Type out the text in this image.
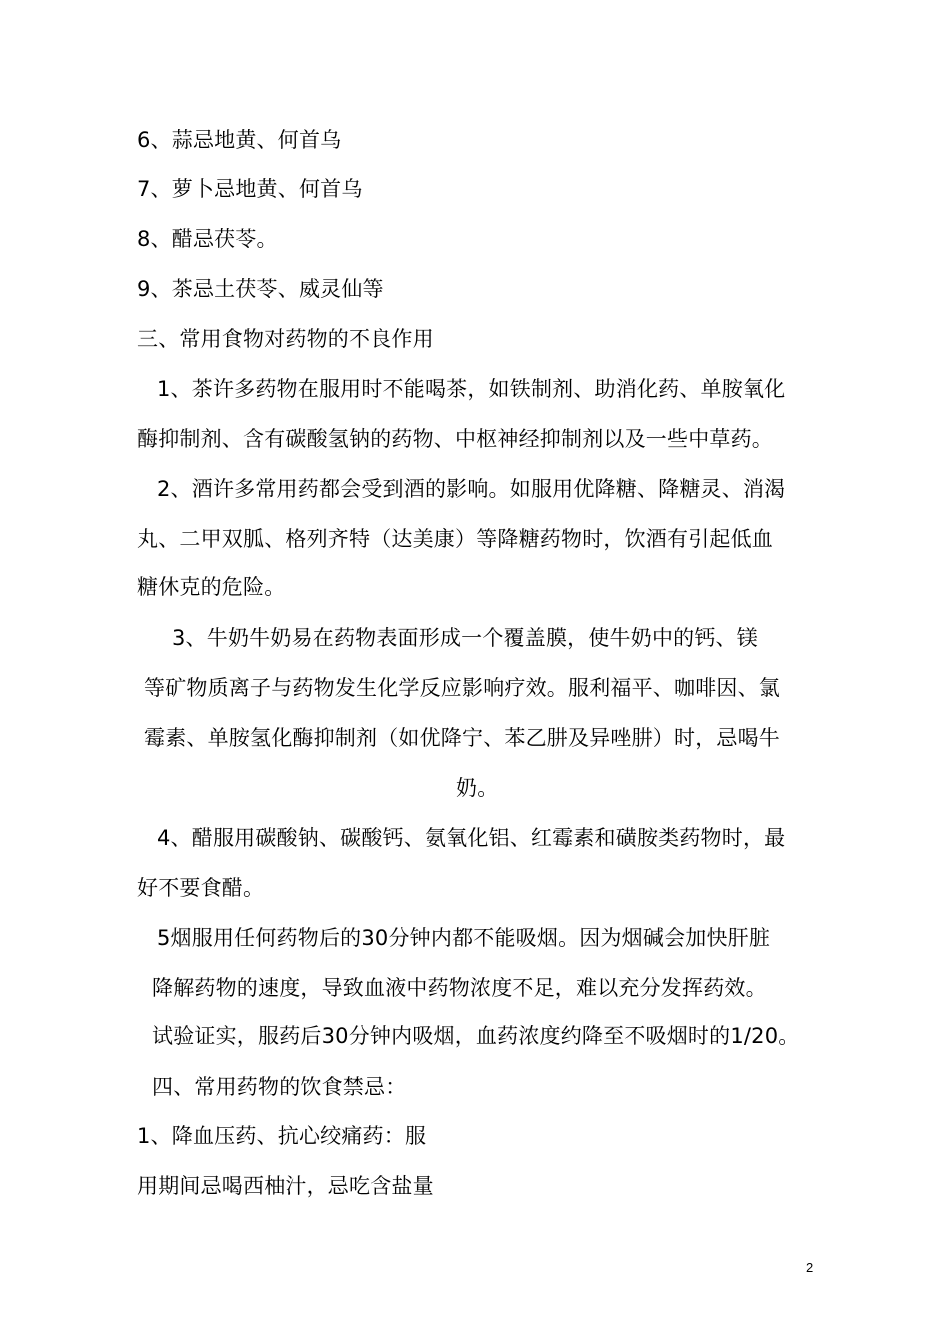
6、蒜忌地黄、何首乌
7、萝卜忌地黄、何首乌
8、醋忌茯苓。
9、茶忌土茯苓、威灵仙等
三、常用食物对药物的不良作用
1、茶许多药物在服用时不能喝茶，如铁制剂、助消化药、单胺氧化
酶抑制剂、含有碳酸氢钠的药物、中枢神经抑制剂以及一些中草药。
2、酒许多常用药都会受到酒的影响。如服用优降糖、降糖灵、消渴
丸、二甲双胍、格列齐特（达美康）等降糖药物时，饮酒有引起低血
糖休克的危险。
3、牛奶牛奶易在药物表面形成一个覆盖膜，使牛奶中的钙、镁
等矿物质离子与药物发生化学反应影响疗效。服利福平、咖啡因、氯
霉素、单胺氢化酶抑制剂（如优降宁、苯乙肼及异唑肼）时，忌喝牛
奶。
4、醋服用碳酸钠、碳酸钙、氨氧化铝、红霉素和磺胺类药物时，最
好不要食醋。
5烟服用任何药物后的30分钟内都不能吸烟。因为烟碱会加快肝脏
降解药物的速度，导致血液中药物浓度不足，难以充分发挥药效。
试验证实，服药后30分钟内吸烟，血药浓度约降至不吸烟时的1/20。
四、常用药物的饮食禁忌：
1、降血压药、抗心绞痛药：服
用期间忌喝西柚汁，忌吃含盐量
2
